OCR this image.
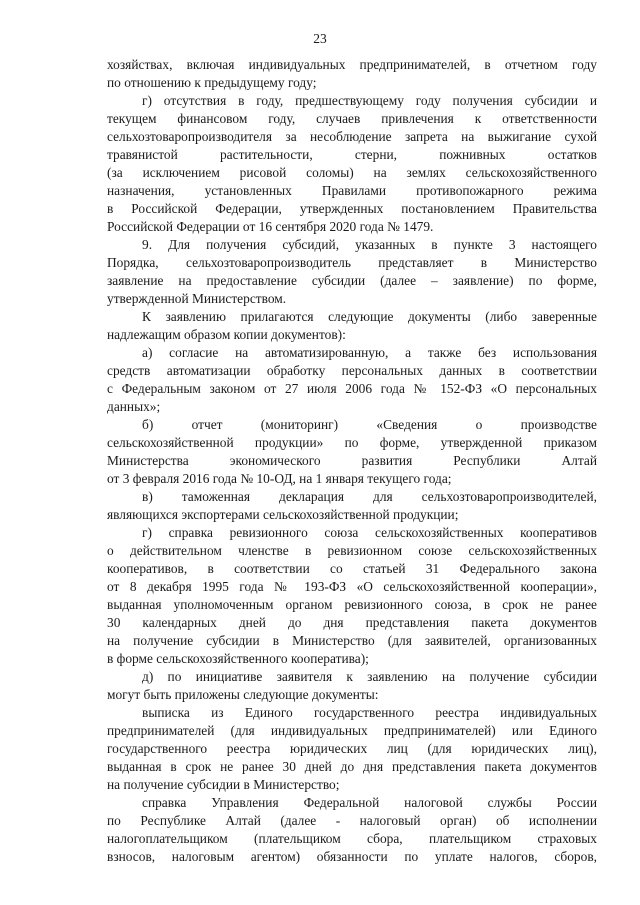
23
хозяйствах, включая индивидуальных предпринимателей, в отчетном году
по отношению к предыдущему году;
г) отсутствия в году, предшествующему году получения субсидии и
текущем финансовом году, случаев привлечения к ответственности
сельхозтоваропроизводителя за несоблюдение запрета на выжигание сухой
травянистой растительности, стерни, пожнивных остатков
(за исключением рисовой соломы) на землях сельскохозяйственного
назначения, установленных Правилами противопожарного режима
в Российской Федерации, утвержденных постановлением Правительства
Российской Федерации от 16 сентября 2020 года № 1479.
9. Для получения субсидий, указанных в пункте 3 настоящего
Порядка, сельхозтоваропроизводитель представляет в Министерство
заявление на предоставление субсидии (далее – заявление) по форме,
утвержденной Министерством.
К заявлению прилагаются следующие документы (либо заверенные
надлежащим образом копии документов):
а) согласие на автоматизированную, а также без использования
средств автоматизации обработку персональных данных в соответствии
с Федеральным законом от 27 июля 2006 года № 152-ФЗ «О персональных
данных»;
б) отчет (мониторинг) «Сведения о производстве
сельскохозяйственной продукции» по форме, утвержденной приказом
Министерства экономического развития Республики Алтай
от 3 февраля 2016 года № 10-ОД, на 1 января текущего года;
в) таможенная декларация для сельхозтоваропроизводителей,
являющихся экспортерами сельскохозяйственной продукции;
г) справка ревизионного союза сельскохозяйственных кооперативов
о действительном членстве в ревизионном союзе сельскохозяйственных
кооперативов, в соответствии со статьей 31 Федерального закона
от 8 декабря 1995 года № 193-ФЗ «О сельскохозяйственной кооперации»,
выданная уполномоченным органом ревизионного союза, в срок не ранее
30 календарных дней до дня представления пакета документов
на получение субсидии в Министерство (для заявителей, организованных
в форме сельскохозяйственного кооператива);
д) по инициативе заявителя к заявлению на получение субсидии
могут быть приложены следующие документы:
выписка из Единого государственного реестра индивидуальных
предпринимателей (для индивидуальных предпринимателей) или Единого
государственного реестра юридических лиц (для юридических лиц),
выданная в срок не ранее 30 дней до дня представления пакета документов
на получение субсидии в Министерство;
справка Управления Федеральной налоговой службы России
по Республике Алтай (далее - налоговый орган) об исполнении
налогоплательщиком (плательщиком сбора, плательщиком страховых
взносов, налоговым агентом) обязанности по уплате налогов, сборов,
